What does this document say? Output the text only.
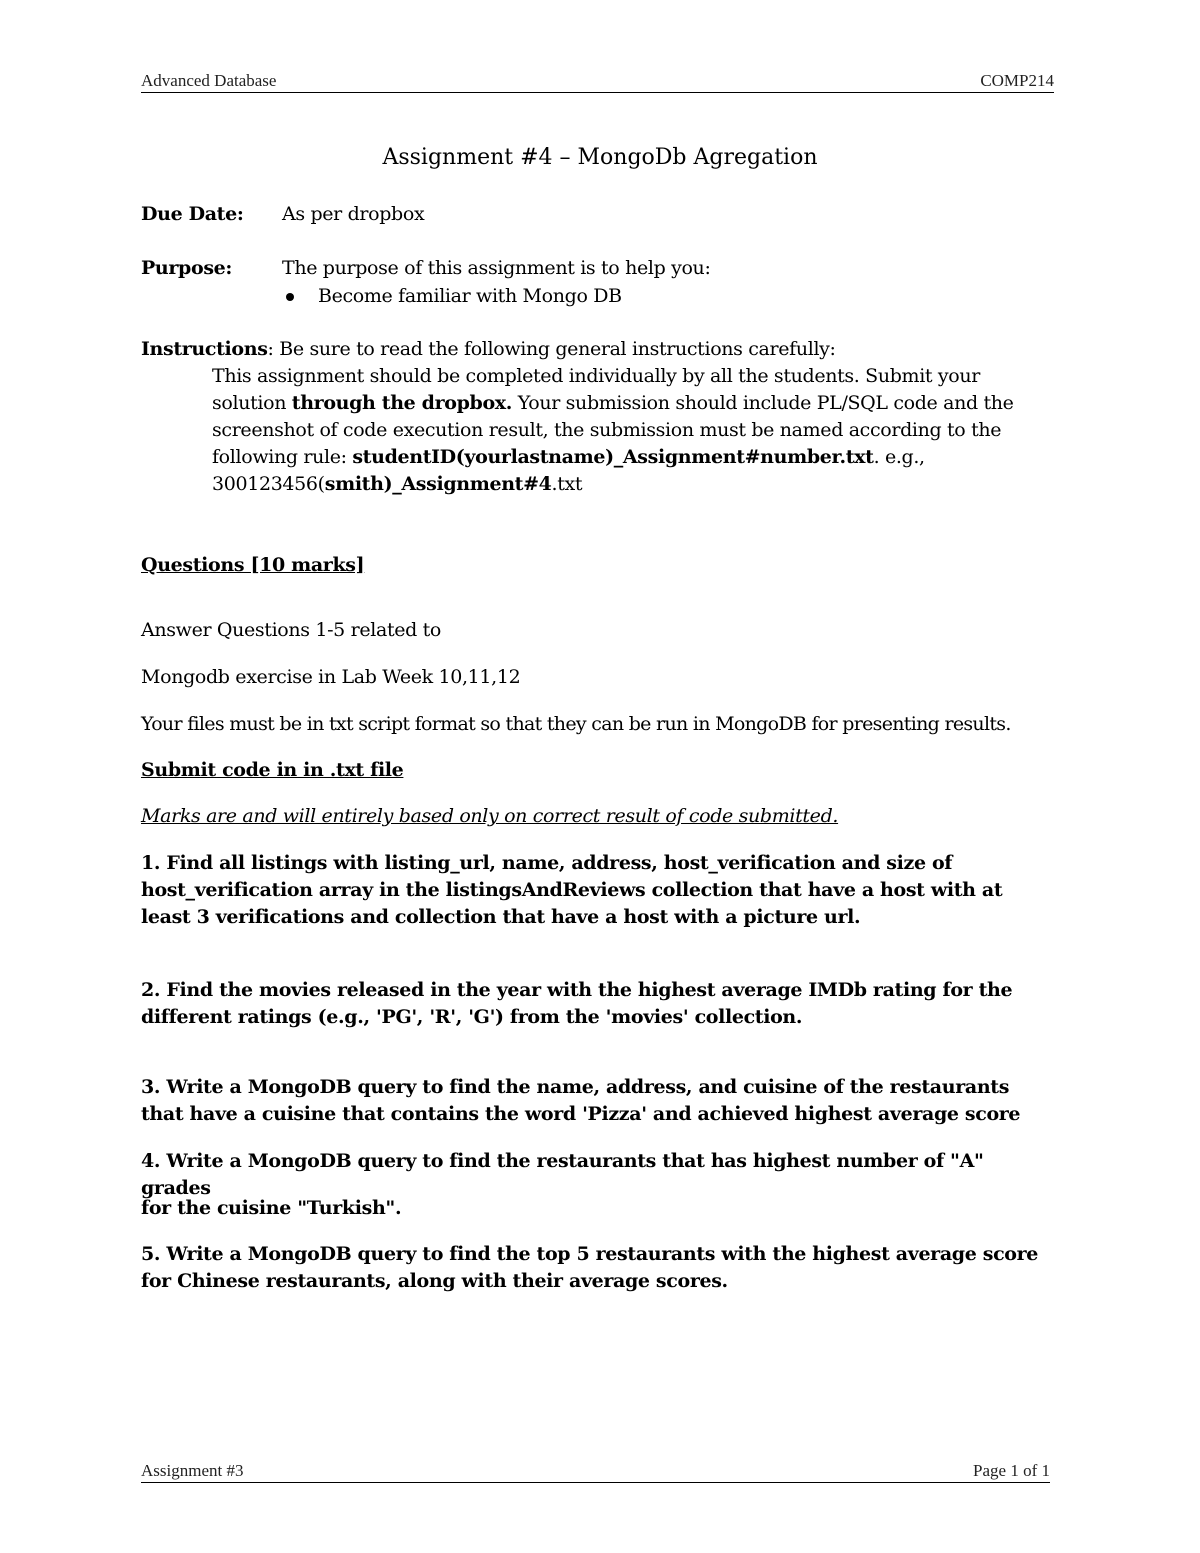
Advanced Database	COMP214
Assignment #4 – MongoDb Agregation
Due Date: As per dropbox
Purpose:	The purpose of this assignment is to help you:
Become familiar with Mongo DB
Instructions: Be sure to read the following general instructions carefully:
This assignment should be completed individually by all the students. Submit your solution through the dropbox. Your submission should include PL/SQL code and the screenshot of code execution result, the submission must be named according to the following rule: studentID(yourlastname)_Assignment#number.txt. e.g., 300123456(smith)_Assignment#4.txt
Questions [10 marks]
Answer Questions 1-5 related to
Mongodb exercise in Lab Week 10,11,12
Your files must be in txt script format so that they can be run in MongoDB for presenting results.
Submit code in in .txt file
Marks are and will entirely based only on correct result of code submitted.
1. Find all listings with listing_url, name, address, host_verification and size of host_verification array in the listingsAndReviews collection that have a host with at least 3 verifications and collection that have a host with a picture url.
2. Find the movies released in the year with the highest average IMDb rating for the different ratings (e.g., 'PG', 'R', 'G') from the 'movies' collection.
3. Write a MongoDB query to find the name, address, and cuisine of the restaurants that have a cuisine that contains the word 'Pizza' and achieved highest average score
4. Write a MongoDB query to find the restaurants that has highest number of "A" grades
for the cuisine "Turkish".
5. Write a MongoDB query to find the top 5 restaurants with the highest average score for Chinese restaurants, along with their average scores.
Assignment #3	Page 1 of 1
